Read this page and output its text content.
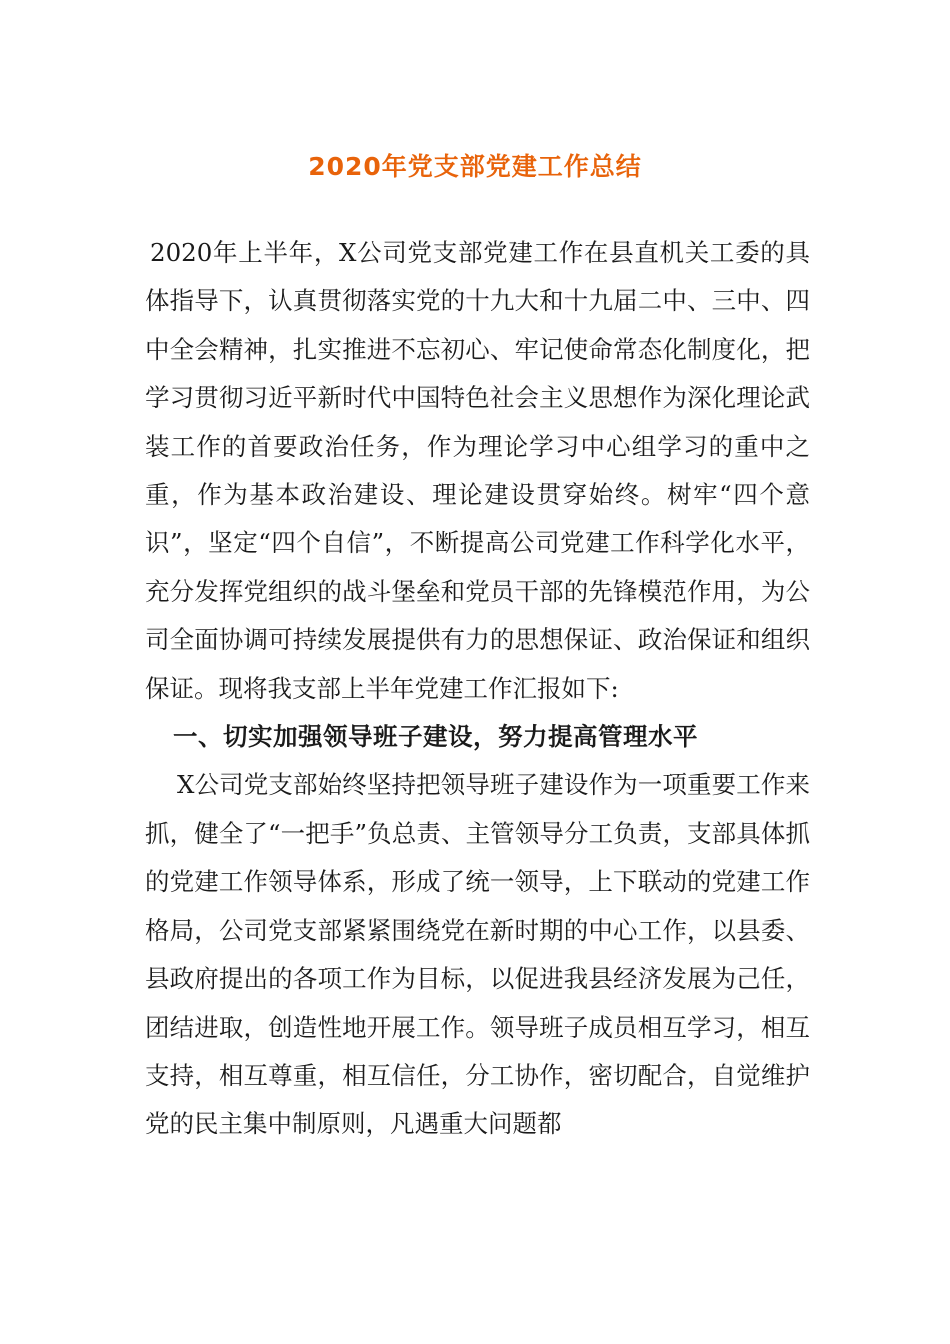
2020年党支部党建工作总结

2020年上半年，X公司党支部党建工作在县直机关工委的具体指导下，认真贯彻落实党的十九大和十九届二中、三中、四中全会精神，扎实推进不忘初心、牢记使命常态化制度化，把学习贯彻习近平新时代中国特色社会主义思想作为深化理论武装工作的首要政治任务，作为理论学习中心组学习的重中之重，作为基本政治建设、理论建设贯穿始终。树牢“四个意识”，坚定“四个自信”，不断提高公司党建工作科学化水平，充分发挥党组织的战斗堡垒和党员干部的先锋模范作用，为公司全面协调可持续发展提供有力的思想保证、政治保证和组织保证。现将我支部上半年党建工作汇报如下:

一、切实加强领导班子建设，努力提高管理水平

X公司党支部始终坚持把领导班子建设作为一项重要工作来抓，健全了“一把手”负总责、主管领导分工负责，支部具体抓的党建工作领导体系，形成了统一领导，上下联动的党建工作格局，公司党支部紧紧围绕党在新时期的中心工作，以县委、县政府提出的各项工作为目标，以促进我县经济发展为己任，团结进取，创造性地开展工作。领导班子成员相互学习，相互支持，相互尊重，相互信任，分工协作，密切配合，自觉维护党的民主集中制原则，凡遇重大问题都
